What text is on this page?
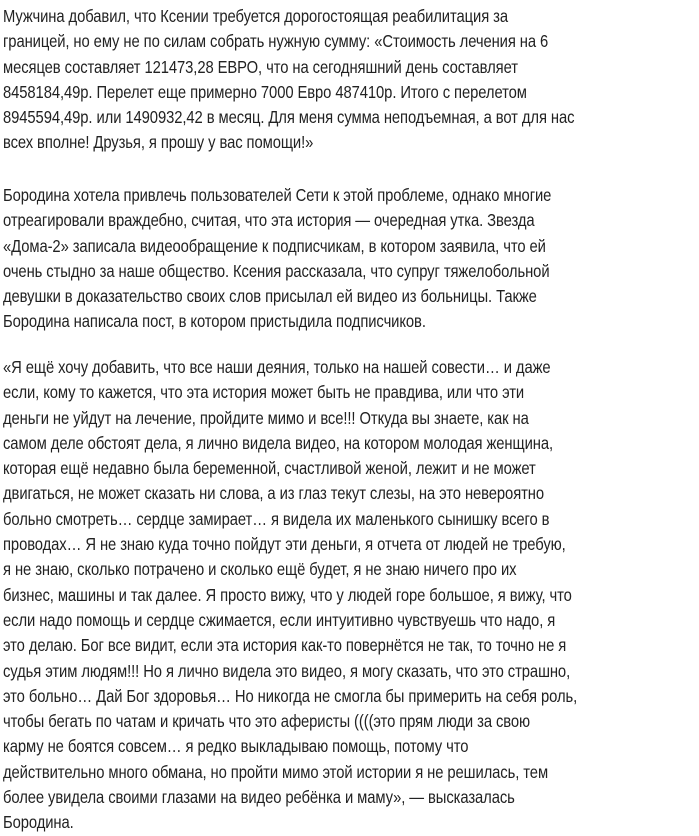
Мужчина добавил, что Ксении требуется дорогостоящая реабилитация за
границей, но ему не по силам собрать нужную сумму: «Стоимость лечения на 6
месяцев составляет 121473,28 ЕВРО, что на сегодняшний день составляет
8458184,49р. Перелет еще примерно 7000 Евро 487410р. Итого с перелетом
8945594,49р. или 1490932,42 в месяц. Для меня сумма неподъемная, а вот для нас
всех вполне! Друзья, я прошу у вас помощи!»
Бородина хотела привлечь пользователей Сети к этой проблеме, однако многие
отреагировали враждебно, считая, что эта история — очередная утка. Звезда
«Дома-2» записала видеообращение к подписчикам, в котором заявила, что ей
очень стыдно за наше общество. Ксения рассказала, что супруг тяжелобольной
девушки в доказательство своих слов присылал ей видео из больницы. Также
Бородина написала пост, в котором пристыдила подписчиков.
«Я ещё хочу добавить, что все наши деяния, только на нашей совести… и даже
если, кому то кажется, что эта история может быть не правдива, или что эти
деньги не уйдут на лечение, пройдите мимо и все!!! Откуда вы знаете, как на
самом деле обстоят дела, я лично видела видео, на котором молодая женщина,
которая ещё недавно была беременной, счастливой женой, лежит и не может
двигаться, не может сказать ни слова, а из глаз текут слезы, на это невероятно
больно смотреть… сердце замирает… я видела их маленького сынишку всего в
проводах… Я не знаю куда точно пойдут эти деньги, я отчета от людей не требую,
я не знаю, сколько потрачено и сколько ещё будет, я не знаю ничего про их
бизнес, машины и так далее. Я просто вижу, что у людей горе большое, я вижу, что
если надо помощь и сердце сжимается, если интуитивно чувствуешь что надо, я
это делаю. Бог все видит, если эта история как-то повернётся не так, то точно не я
судья этим людям!!! Но я лично видела это видео, я могу сказать, что это страшно,
это больно… Дай Бог здоровья… Но никогда не смогла бы примерить на себя роль,
чтобы бегать по чатам и кричать что это аферисты ((((это прям люди за свою
карму не боятся совсем… я редко выкладываю помощь, потому что
действительно много обмана, но пройти мимо этой истории я не решилась, тем
более увидела своими глазами на видео ребёнка и маму», — высказалась
Бородина.
